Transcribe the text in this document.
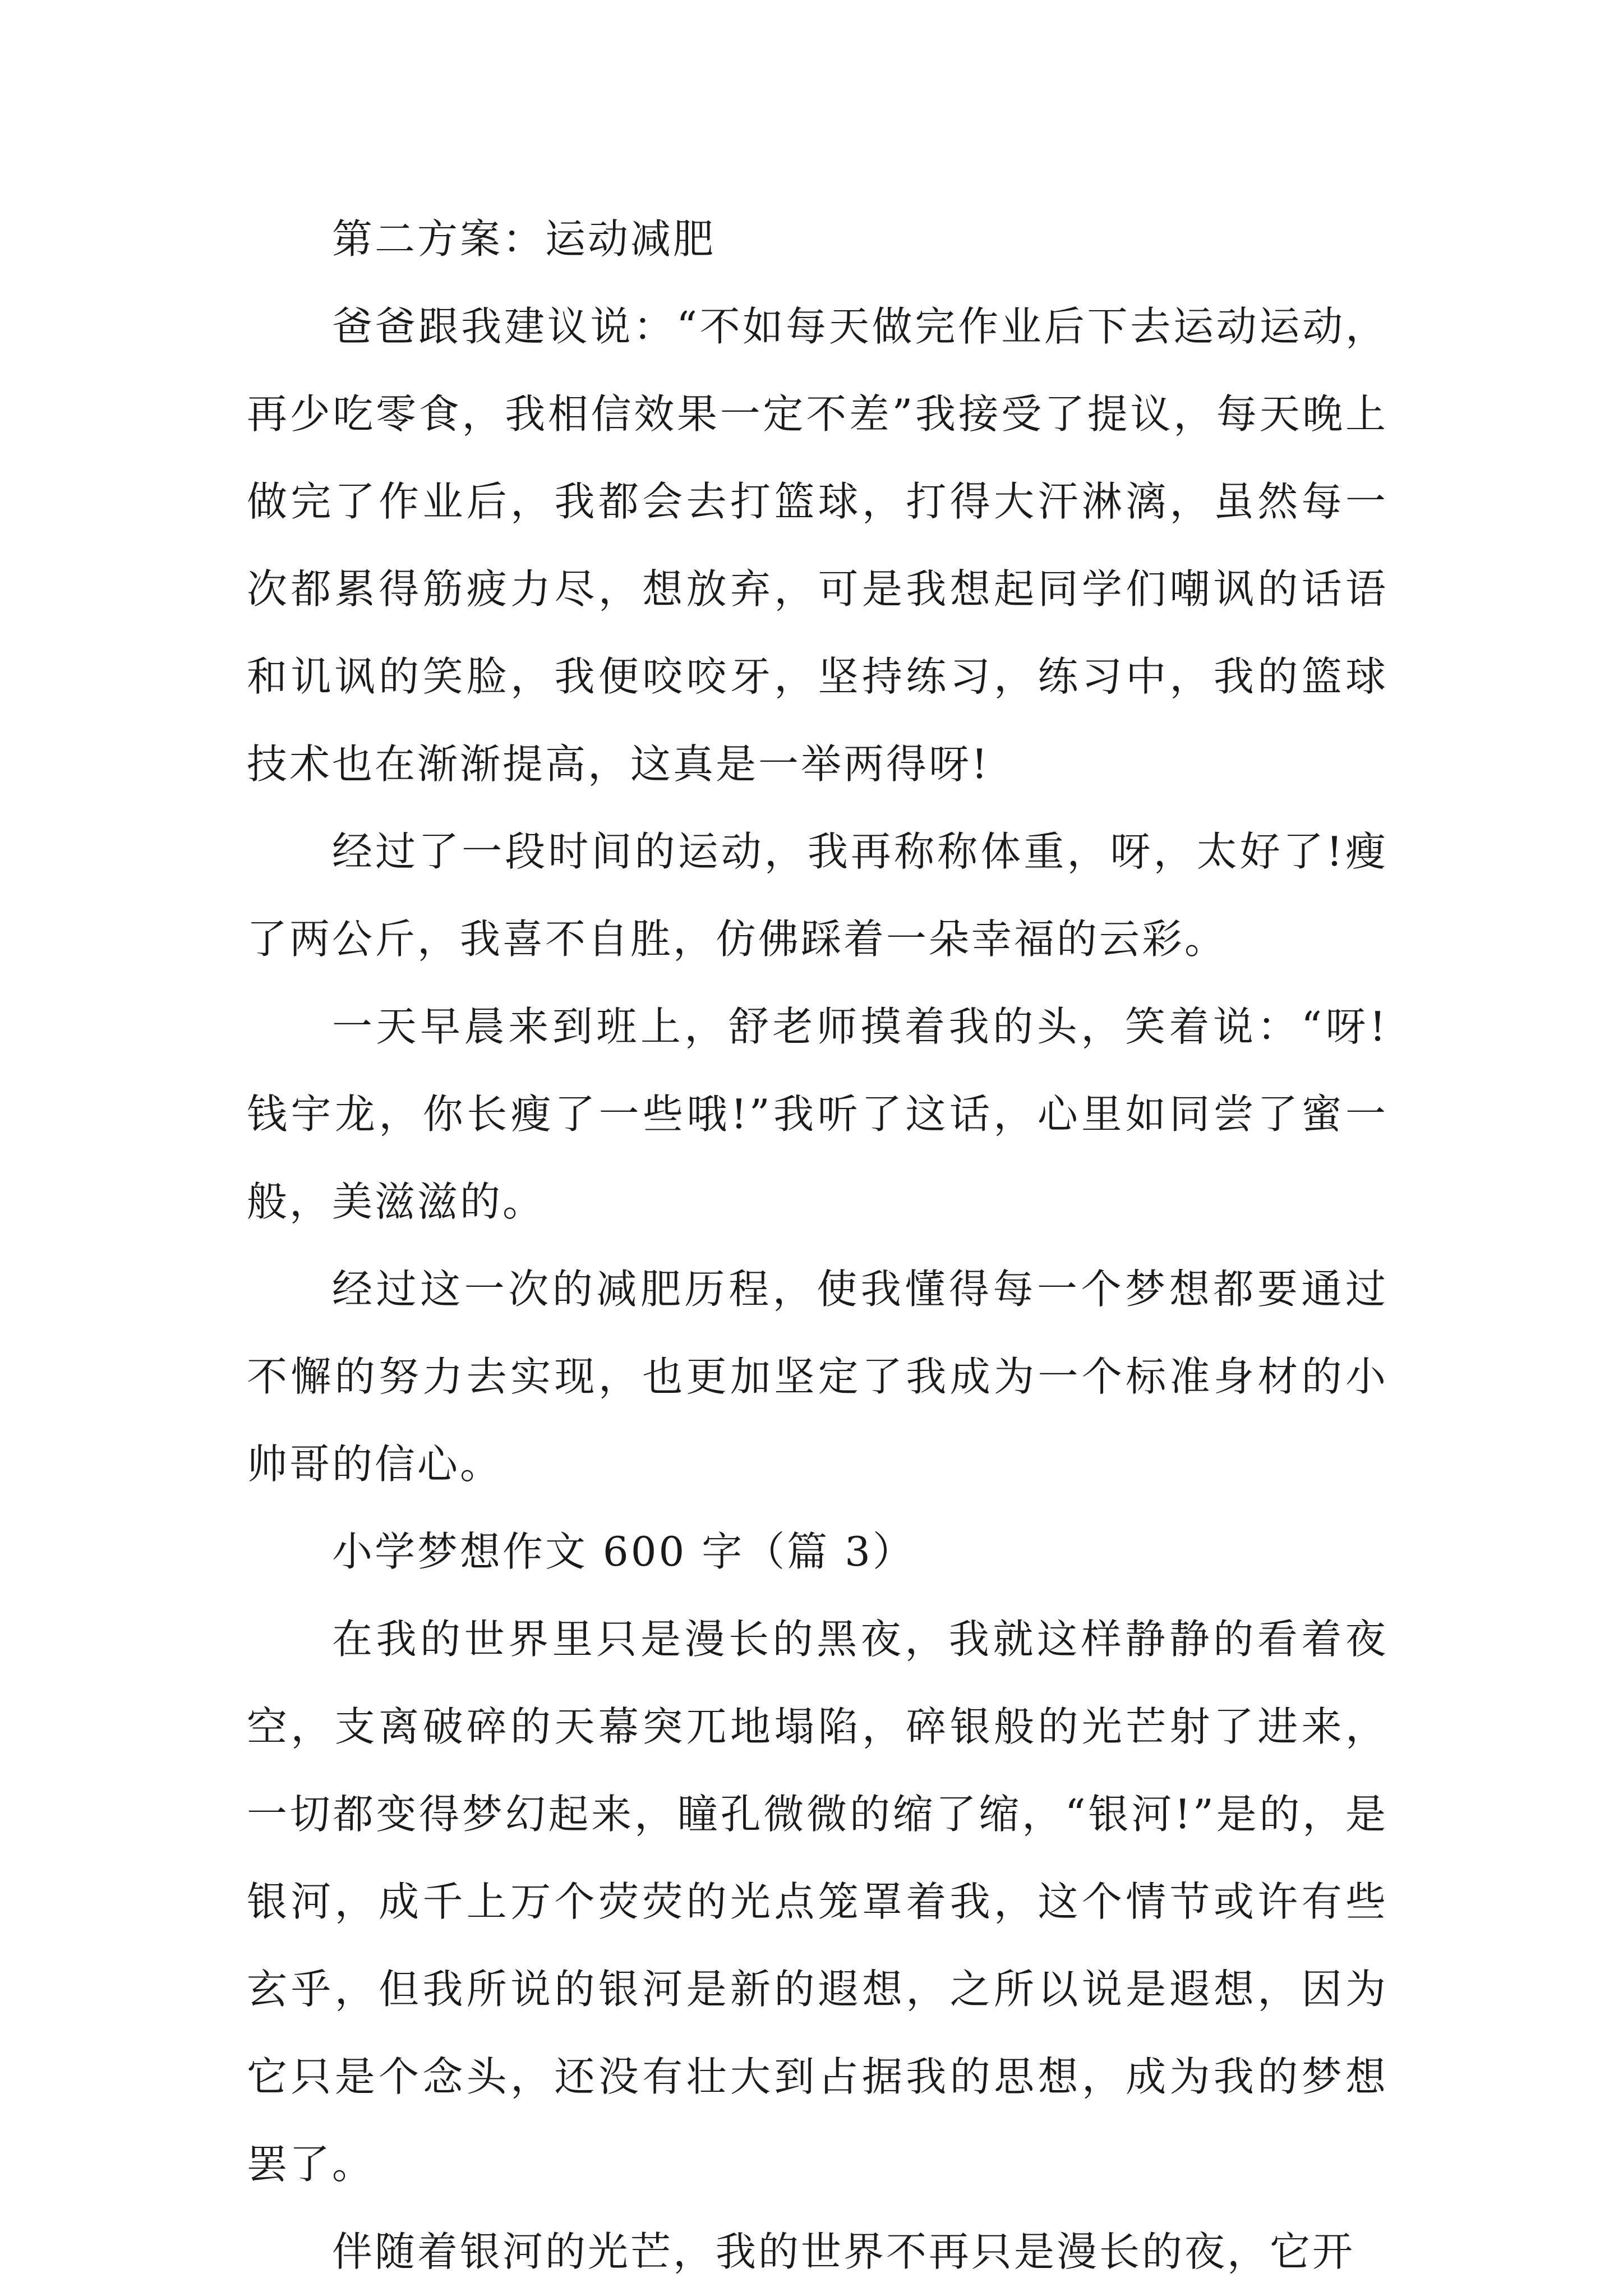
第二方案：运动减肥

爸爸跟我建议说：“不如每天做完作业后下去运动运动，再少吃零食，我相信效果一定不差”我接受了提议，每天晚上做完了作业后，我都会去打篮球，打得大汗淋漓，虽然每一次都累得筋疲力尽，想放弃，可是我想起同学们嘲讽的话语和讥讽的笑脸，我便咬咬牙，坚持练习，练习中，我的篮球技术也在渐渐提高，这真是一举两得呀!

经过了一段时间的运动，我再称称体重，呀，太好了!瘦了两公斤，我喜不自胜，仿佛踩着一朵幸福的云彩。

一天早晨来到班上，舒老师摸着我的头，笑着说：“呀!钱宇龙，你长瘦了一些哦!”我听了这话，心里如同尝了蜜一般，美滋滋的。

经过这一次的减肥历程，使我懂得每一个梦想都要通过不懈的努力去实现，也更加坚定了我成为一个标准身材的小帅哥的信心。

小学梦想作文 600 字（篇 3）

在我的世界里只是漫长的黑夜，我就这样静静的看着夜空，支离破碎的天幕突兀地塌陷，碎银般的光芒射了进来，一切都变得梦幻起来，瞳孔微微的缩了缩，“银河!”是的，是银河，成千上万个荧荧的光点笼罩着我，这个情节或许有些玄乎，但我所说的银河是新的遐想，之所以说是遐想，因为它只是个念头，还没有壮大到占据我的思想，成为我的梦想罢了。

伴随着银河的光芒，我的世界不再只是漫长的夜，它开
